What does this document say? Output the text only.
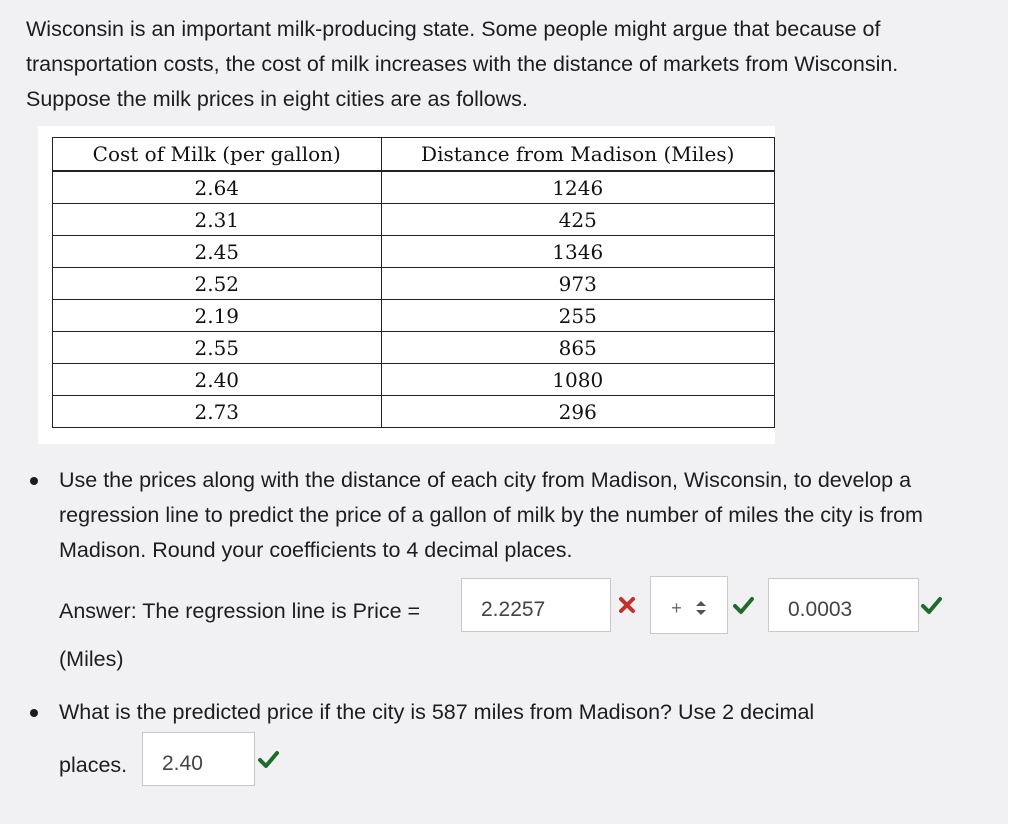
Wisconsin is an important milk-producing state. Some people might argue that because of transportation costs, the cost of milk increases with the distance of markets from Wisconsin. Suppose the milk prices in eight cities are as follows.
Cost of Milk (per gallon)	Distance from Madison (Miles)
2.64	1246
2.31	425
2.45	1346
2.52	973
2.19	255
2.55	865
2.40	1080
2.73	296
Use the prices along with the distance of each city from Madison, Wisconsin, to develop a regression line to predict the price of a gallon of milk by the number of miles the city is from Madison. Round your coefficients to 4 decimal places.
Answer: The regression line is Price =	2.2257	+	0.0003
(Miles)
What is the predicted price if the city is 587 miles from Madison? Use 2 decimal
places.	2.40
